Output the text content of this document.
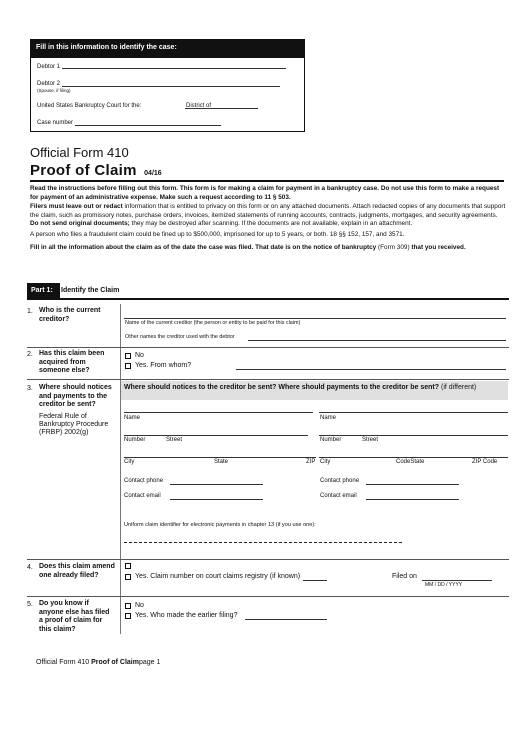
Fill in this information to identify the case:
Debtor 1
Debtor 2
(Spouse, if filing)
United States Bankruptcy Court for the:	District of
Case number
Official Form 410
Proof of Claim 04/16
Read the instructions before filling out this form. This form is for making a claim for payment in a bankruptcy case. Do not use this form to make a request for payment of an administrative expense. Make such a request according to 11 § 503.
Filers must leave out or redact information that is entitled to privacy on this form or on any attached documents. Attach redacted copies of any documents that support the claim, such as promissory notes, purchase orders, invoices, itemized statements of running accounts, contracts, judgments, mortgages, and security agreements. Do not send original documents; they may be destroyed after scanning. If the documents are not available, explain in an attachment.
A person who files a fraudulent claim could be fined up to $500,000, imprisoned for up to 5 years, or both. 18 §§ 152, 157, and 3571.
Fill in all the information about the claim as of the date the case was filed. That date is on the notice of bankruptcy (Form 309) that you received.
Part 1: Identify the Claim
1. Who is the current creditor?
Name of the current creditor (the person or entity to be paid for this claim)
Other names the creditor used with the debtor
2. Has this claim been acquired from someone else?
No
Yes. From whom?
3. Where should notices and payments to the creditor be sent?
Federal Rule of Bankruptcy Procedure (FRBP) 2002(g)
Where should notices to the creditor be sent? Where should payments to the creditor be sent? (if different)
Name
Number	Street
City	State	ZIP
Contact phone
Contact email
Name
Number	Street
City	CodeState	ZIP Code
Contact phone
Contact email
Uniform claim identifier for electronic payments in chapter 13 (if you use one):
4. Does this claim amend one already filed?	Yes. Claim number on court claims registry (if known)	Filed on
MM / DD / YYYY
5. Do you know if anyone else has filed a proof of claim for this claim?
No
Yes. Who made the earlier filing?
Official Form 410 Proof of Claimpage 1
